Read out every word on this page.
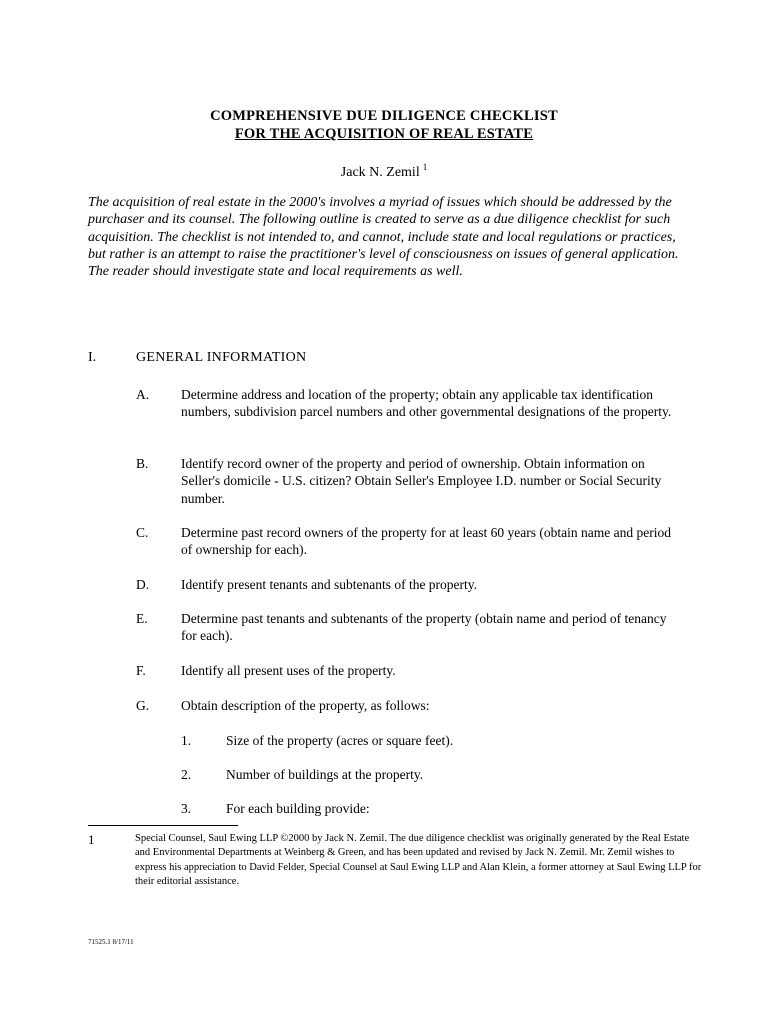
COMPREHENSIVE DUE DILIGENCE CHECKLIST
FOR THE ACQUISITION OF REAL ESTATE
Jack N. Zemil $^1$
The acquisition of real estate in the 2000's involves a myriad of issues which should be addressed by the purchaser and its counsel. The following outline is created to serve as a due diligence checklist for such acquisition. The checklist is not intended to, and cannot, include state and local regulations or practices, but rather is an attempt to raise the practitioner's level of consciousness on issues of general application. The reader should investigate state and local requirements as well.
I.	GENERAL INFORMATION
A. Determine address and location of the property; obtain any applicable tax identification numbers, subdivision parcel numbers and other governmental designations of the property.
B. Identify record owner of the property and period of ownership. Obtain information on Seller's domicile - U.S. citizen? Obtain Seller's Employee I.D. number or Social Security number.
C. Determine past record owners of the property for at least 60 years (obtain name and period of ownership for each).
D. Identify present tenants and subtenants of the property.
E. Determine past tenants and subtenants of the property (obtain name and period of tenancy for each).
F.	Identify all present uses of the property.
G. Obtain description of the property, as follows:
1.	Size of the property (acres or square feet).
2.	Number of buildings at the property.
3.	For each building provide:
1	Special Counsel, Saul Ewing LLP ©2000 by Jack N. Zemil. The due diligence checklist was originally generated by the Real Estate and Environmental Departments at Weinberg & Green, and has been updated and revised by Jack N. Zemil. Mr. Zemil wishes to express his appreciation to David Felder, Special Counsel at Saul Ewing LLP and Alan Klein, a former attorney at Saul Ewing LLP for their editorial assistance.
71525.1 8/17/11
